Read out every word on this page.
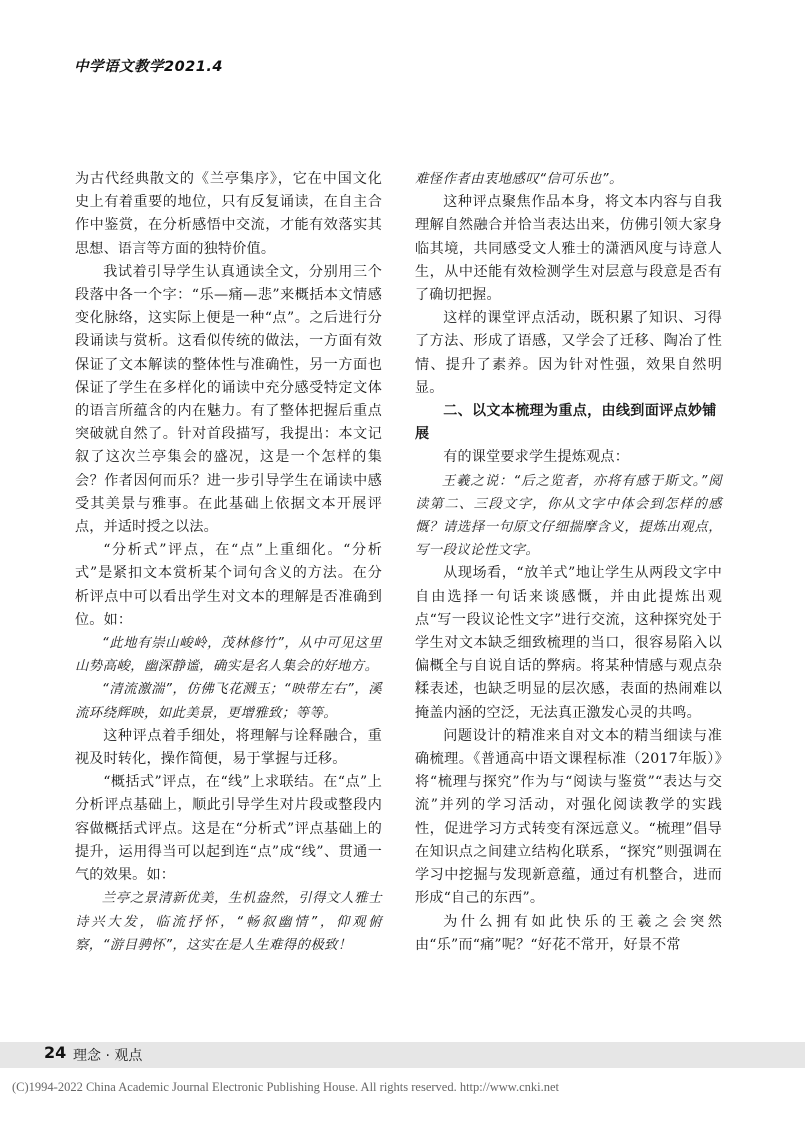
中学语文教学2021.4

为古代经典散文的《兰亭集序》，它在中国文化史上有着重要的地位，只有反复诵读，在自主合作中鉴赏，在分析感悟中交流，才能有效落实其思想、语言等方面的独特价值。

我试着引导学生认真通读全文，分别用三个段落中各一个字：“乐—痛—悲”来概括本文情感变化脉络，这实际上便是一种“点”。之后进行分段诵读与赏析。这看似传统的做法，一方面有效保证了文本解读的整体性与准确性，另一方面也保证了学生在多样化的诵读中充分感受特定文体的语言所蕴含的内在魅力。有了整体把握后重点突破就自然了。针对首段描写，我提出：本文记叙了这次兰亭集会的盛况，这是一个怎样的集会？作者因何而乐？进一步引导学生在诵读中感受其美景与雅事。在此基础上依据文本开展评点，并适时授之以法。

“分析式”评点，在“点”上重细化。“分析式”是紧扣文本赏析某个词句含义的方法。在分析评点中可以看出学生对文本的理解是否准确到位。如：

“此地有崇山峻岭，茂林修竹”，从中可见这里山势高峻，幽深静谧，确实是名人集会的好地方。

“清流激湍”，仿佛飞花溅玉；“映带左右”，溪流环绕辉映，如此美景，更增雅致；等等。

这种评点着手细处，将理解与诠释融合，重视及时转化，操作简便，易于掌握与迁移。

“概括式”评点，在“线”上求联结。在“点”上分析评点基础上，顺此引导学生对片段或整段内容做概括式评点。这是在“分析式”评点基础上的提升，运用得当可以起到连“点”成“线”、贯通一气的效果。如：

兰亭之景清新优美，生机盎然，引得文人雅士诗兴大发，临流抒怀，“畅叙幽情”，仰观俯察，“游目骋怀”，这实在是人生难得的极致！

难怪作者由衷地感叹“信可乐也”。

这种评点聚焦作品本身，将文本内容与自我理解自然融合并恰当表达出来，仿佛引领大家身临其境，共同感受文人雅士的潇洒风度与诗意人生，从中还能有效检测学生对层意与段意是否有了确切把握。

这样的课堂评点活动，既积累了知识、习得了方法、形成了语感，又学会了迁移、陶冶了性情、提升了素养。因为针对性强，效果自然明显。

二、以文本梳理为重点，由线到面评点妙铺展

有的课堂要求学生提炼观点：

王羲之说：“后之览者，亦将有感于斯文。”阅读第二、三段文字，你从文字中体会到怎样的感慨？请选择一句原文仔细揣摩含义，提炼出观点，写一段议论性文字。

从现场看，“放羊式”地让学生从两段文字中自由选择一句话来谈感慨，并由此提炼出观点“写一段议论性文字”进行交流，这种探究处于学生对文本缺乏细致梳理的当口，很容易陷入以偏概全与自说自话的弊病。将某种情感与观点杂糅表述，也缺乏明显的层次感，表面的热闹难以掩盖内涵的空泛，无法真正激发心灵的共鸣。

问题设计的精准来自对文本的精当细读与准确梳理。《普通高中语文课程标准（2017年版）》将“梳理与探究”作为与“阅读与鉴赏”“表达与交流”并列的学习活动，对强化阅读教学的实践性，促进学习方式转变有深远意义。“梳理”倡导在知识点之间建立结构化联系，“探究”则强调在学习中挖掘与发现新意蕴，通过有机整合，进而形成“自己的东西”。

为什么拥有如此快乐的王羲之会突然由“乐”而“痛”呢？“好花不常开，好景不常

24 理念 · 观点
(C)1994-2022 China Academic Journal Electronic Publishing House. All rights reserved. http://www.cnki.net
